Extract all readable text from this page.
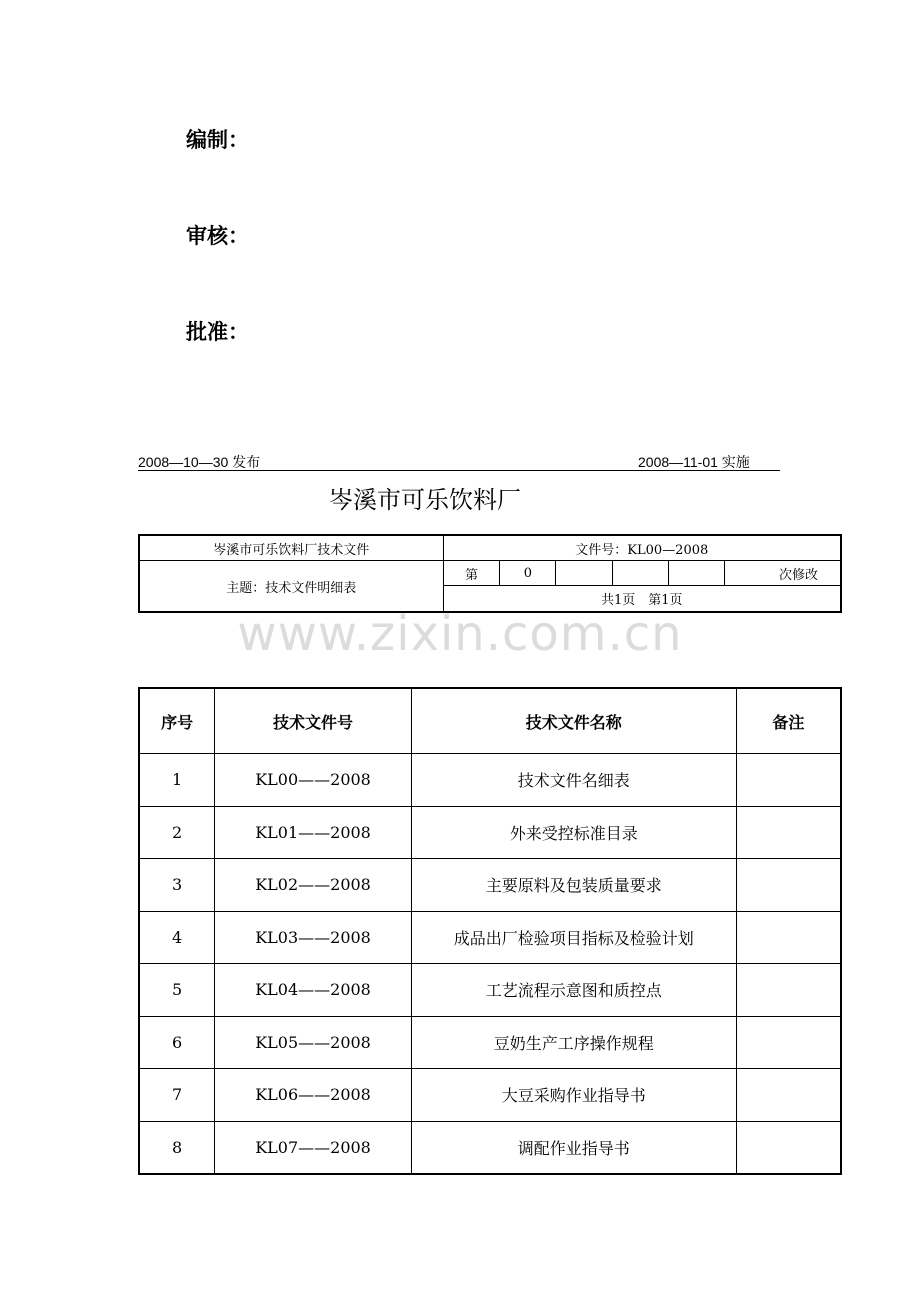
编制：
审核：
批准：
2008—10—30 发布	2008—11-01 实施
岑溪市可乐饮料厂
岑溪市可乐饮料厂技术文件	文件号：KL00—2008					
主题：技术文件明细表	第	0				次修改
	共1页　第1页					
www.zixin.com.cn
序号	技术文件号	技术文件名称	备注
1	KL00——2008	技术文件名细表	
2	KL01——2008	外来受控标准目录	
3	KL02——2008	主要原料及包装质量要求	
4	KL03——2008	成品出厂检验项目指标及检验计划	
5	KL04——2008	工艺流程示意图和质控点	
6	KL05——2008	豆奶生产工序操作规程	
7	KL06——2008	大豆采购作业指导书	
8	KL07——2008	调配作业指导书	
